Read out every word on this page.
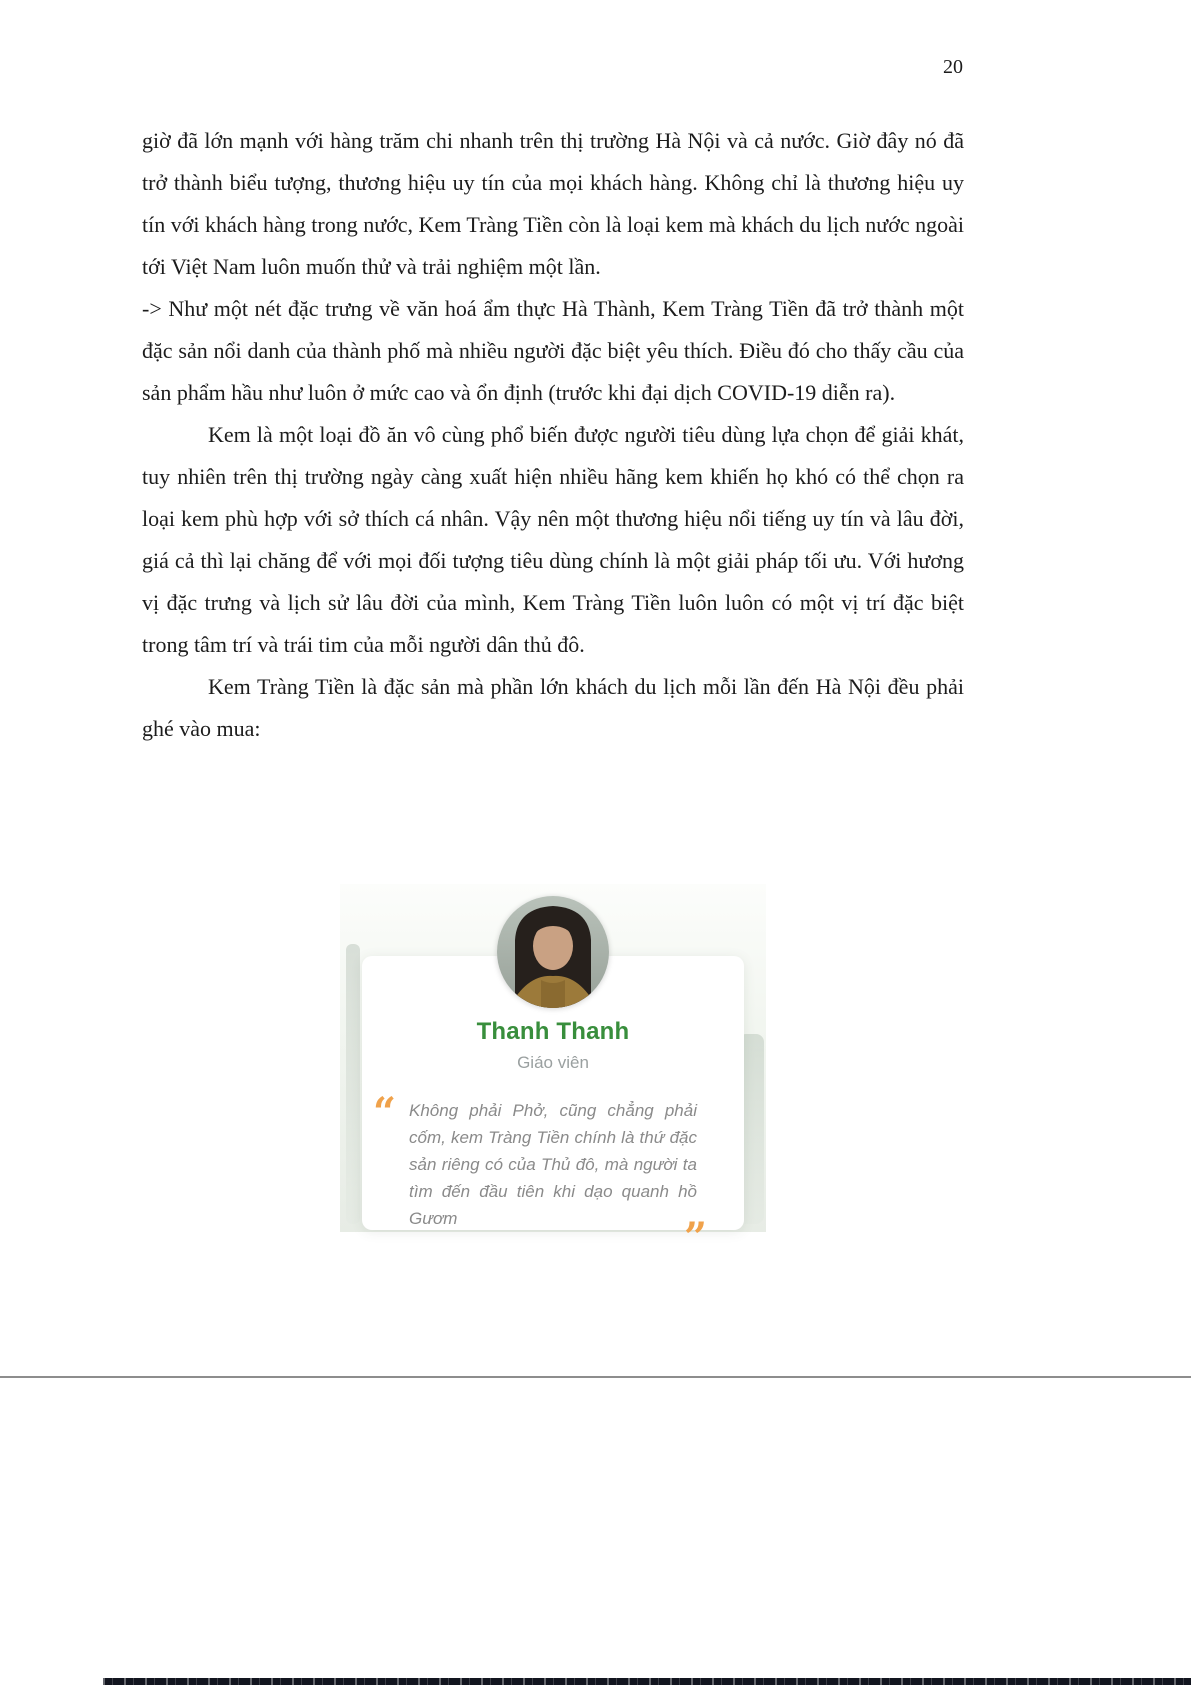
20

giờ đã lớn mạnh với hàng trăm chi nhanh trên thị trường Hà Nội và cả nước. Giờ đây nó đã trở thành biểu tượng, thương hiệu uy tín của mọi khách hàng. Không chỉ là thương hiệu uy tín với khách hàng trong nước, Kem Tràng Tiền còn là loại kem mà khách du lịch nước ngoài tới Việt Nam luôn muốn thử và trải nghiệm một lần.

-> Như một nét đặc trưng về văn hoá ẩm thực Hà Thành, Kem Tràng Tiền đã trở thành một đặc sản nổi danh của thành phố mà nhiều người đặc biệt yêu thích. Điều đó cho thấy cầu của sản phẩm hầu như luôn ở mức cao và ổn định (trước khi đại dịch COVID-19 diễn ra).

Kem là một loại đồ ăn vô cùng phổ biến được người tiêu dùng lựa chọn để giải khát, tuy nhiên trên thị trường ngày càng xuất hiện nhiều hãng kem khiến họ khó có thể chọn ra loại kem phù hợp với sở thích cá nhân. Vậy nên một thương hiệu nổi tiếng uy tín và lâu đời, giá cả thì lại chăng để với mọi đối tượng tiêu dùng chính là một giải pháp tối ưu. Với hương vị đặc trưng và lịch sử lâu đời của mình, Kem Tràng Tiền luôn luôn có một vị trí đặc biệt trong tâm trí và trái tim của mỗi người dân thủ đô.

Kem Tràng Tiền là đặc sản mà phần lớn khách du lịch mỗi lần đến Hà Nội đều phải ghé vào mua:

Thanh Thanh
Giáo viên
“ Không phải Phở, cũng chẳng phải cốm, kem Tràng Tiền chính là thứ đặc sản riêng có của Thủ đô, mà người ta tìm đến đầu tiên khi dạo quanh hồ Gươm	”
